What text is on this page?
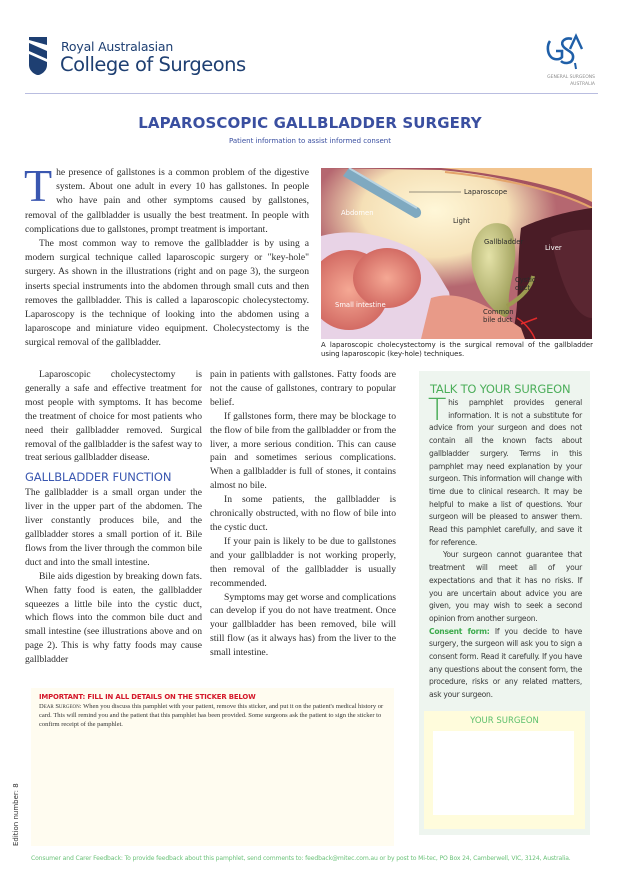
Royal Australasian
College of Surgeons
GENERAL SURGEONS
AUSTRALIA
LAPAROSCOPIC GALLBLADDER SURGERY
Patient information to assist informed consent

The presence of gallstones is a common problem of the digestive system. About one adult in every 10 has gallstones. In people who have pain and other symptoms caused by gallstones, removal of the gallbladder is usually the best treatment. In people with complications due to gallstones, prompt treatment is important.

The most common way to remove the gallbladder is by using a modern surgical technique called laparoscopic surgery or "key-hole" surgery. As shown in the illustrations (right and on page 3), the surgeon inserts special instruments into the abdomen through small cuts and then removes the gallbladder. This is called a laparoscopic cholecystectomy. Laparoscopy is the technique of looking into the abdomen using a laparoscope and miniature video equipment. Cholecystectomy is the surgical removal of the gallbladder.

Laparoscope
Abdomen
Light
Gallbladder
Liver
Cystic
duct
Small intestine
Common
bile duct
A laparoscopic cholecystectomy is the surgical removal of the gallbladder using laparoscopic (key-hole) techniques.

Laparoscopic cholecystectomy is generally a safe and effective treatment for most people with symptoms. It has become the treatment of choice for most patients who need their gallbladder removed. Surgical removal of the gallbladder is the safest way to treat serious gallbladder disease.

GALLBLADDER FUNCTION

The gallbladder is a small organ under the liver in the upper part of the abdomen. The liver constantly produces bile, and the gallbladder stores a small portion of it. Bile flows from the liver through the common bile duct and into the small intestine.

Bile aids digestion by breaking down fats. When fatty food is eaten, the gallbladder squeezes a little bile into the cystic duct, which flows into the common bile duct and small intestine (see illustrations above and on page 2). This is why fatty foods may cause gallbladder

pain in patients with gallstones. Fatty foods are not the cause of gallstones, contrary to popular belief.

If gallstones form, there may be blockage to the flow of bile from the gallbladder or from the liver, a more serious condition. This can cause pain and sometimes serious complications. When a gallbladder is full of stones, it contains almost no bile.

In some patients, the gallbladder is chronically obstructed, with no flow of bile into the cystic duct.

If your pain is likely to be due to gallstones and your gallbladder is not working properly, then removal of the gallbladder is usually recommended.

Symptoms may get worse and complications can develop if you do not have treatment. Once your gallbladder has been removed, bile will still flow (as it always has) from the liver to the small intestine.

TALK TO YOUR SURGEON

This pamphlet provides general information. It is not a substitute for advice from your surgeon and does not contain all the known facts about gallbladder surgery. Terms in this pamphlet may need explanation by your surgeon. This information will change with time due to clinical research. It may be helpful to make a list of questions. Your surgeon will be pleased to answer them. Read this pamphlet carefully, and save it for reference.

Your surgeon cannot guarantee that treatment will meet all of your expectations and that it has no risks. If you are uncertain about advice you are given, you may wish to seek a second opinion from another surgeon.

Consent form: If you decide to have surgery, the surgeon will ask you to sign a consent form. Read it carefully. If you have any questions about the consent form, the procedure, risks or any related matters, ask your surgeon.

YOUR SURGEON
IMPORTANT: FILL IN ALL DETAILS ON THE STICKER BELOW
Dear Surgeon: When you discuss this pamphlet with your patient, remove this sticker, and put it on the patient's medical history or card. This will remind you and the patient that this pamphlet has been provided. Some surgeons ask the patient to sign the sticker to confirm receipt of the pamphlet.
Edition number: 8
Consumer and Carer Feedback: To provide feedback about this pamphlet, send comments to: feedback@mitec.com.au or by post to Mi-tec, PO Box 24, Camberwell, VIC, 3124, Australia.
